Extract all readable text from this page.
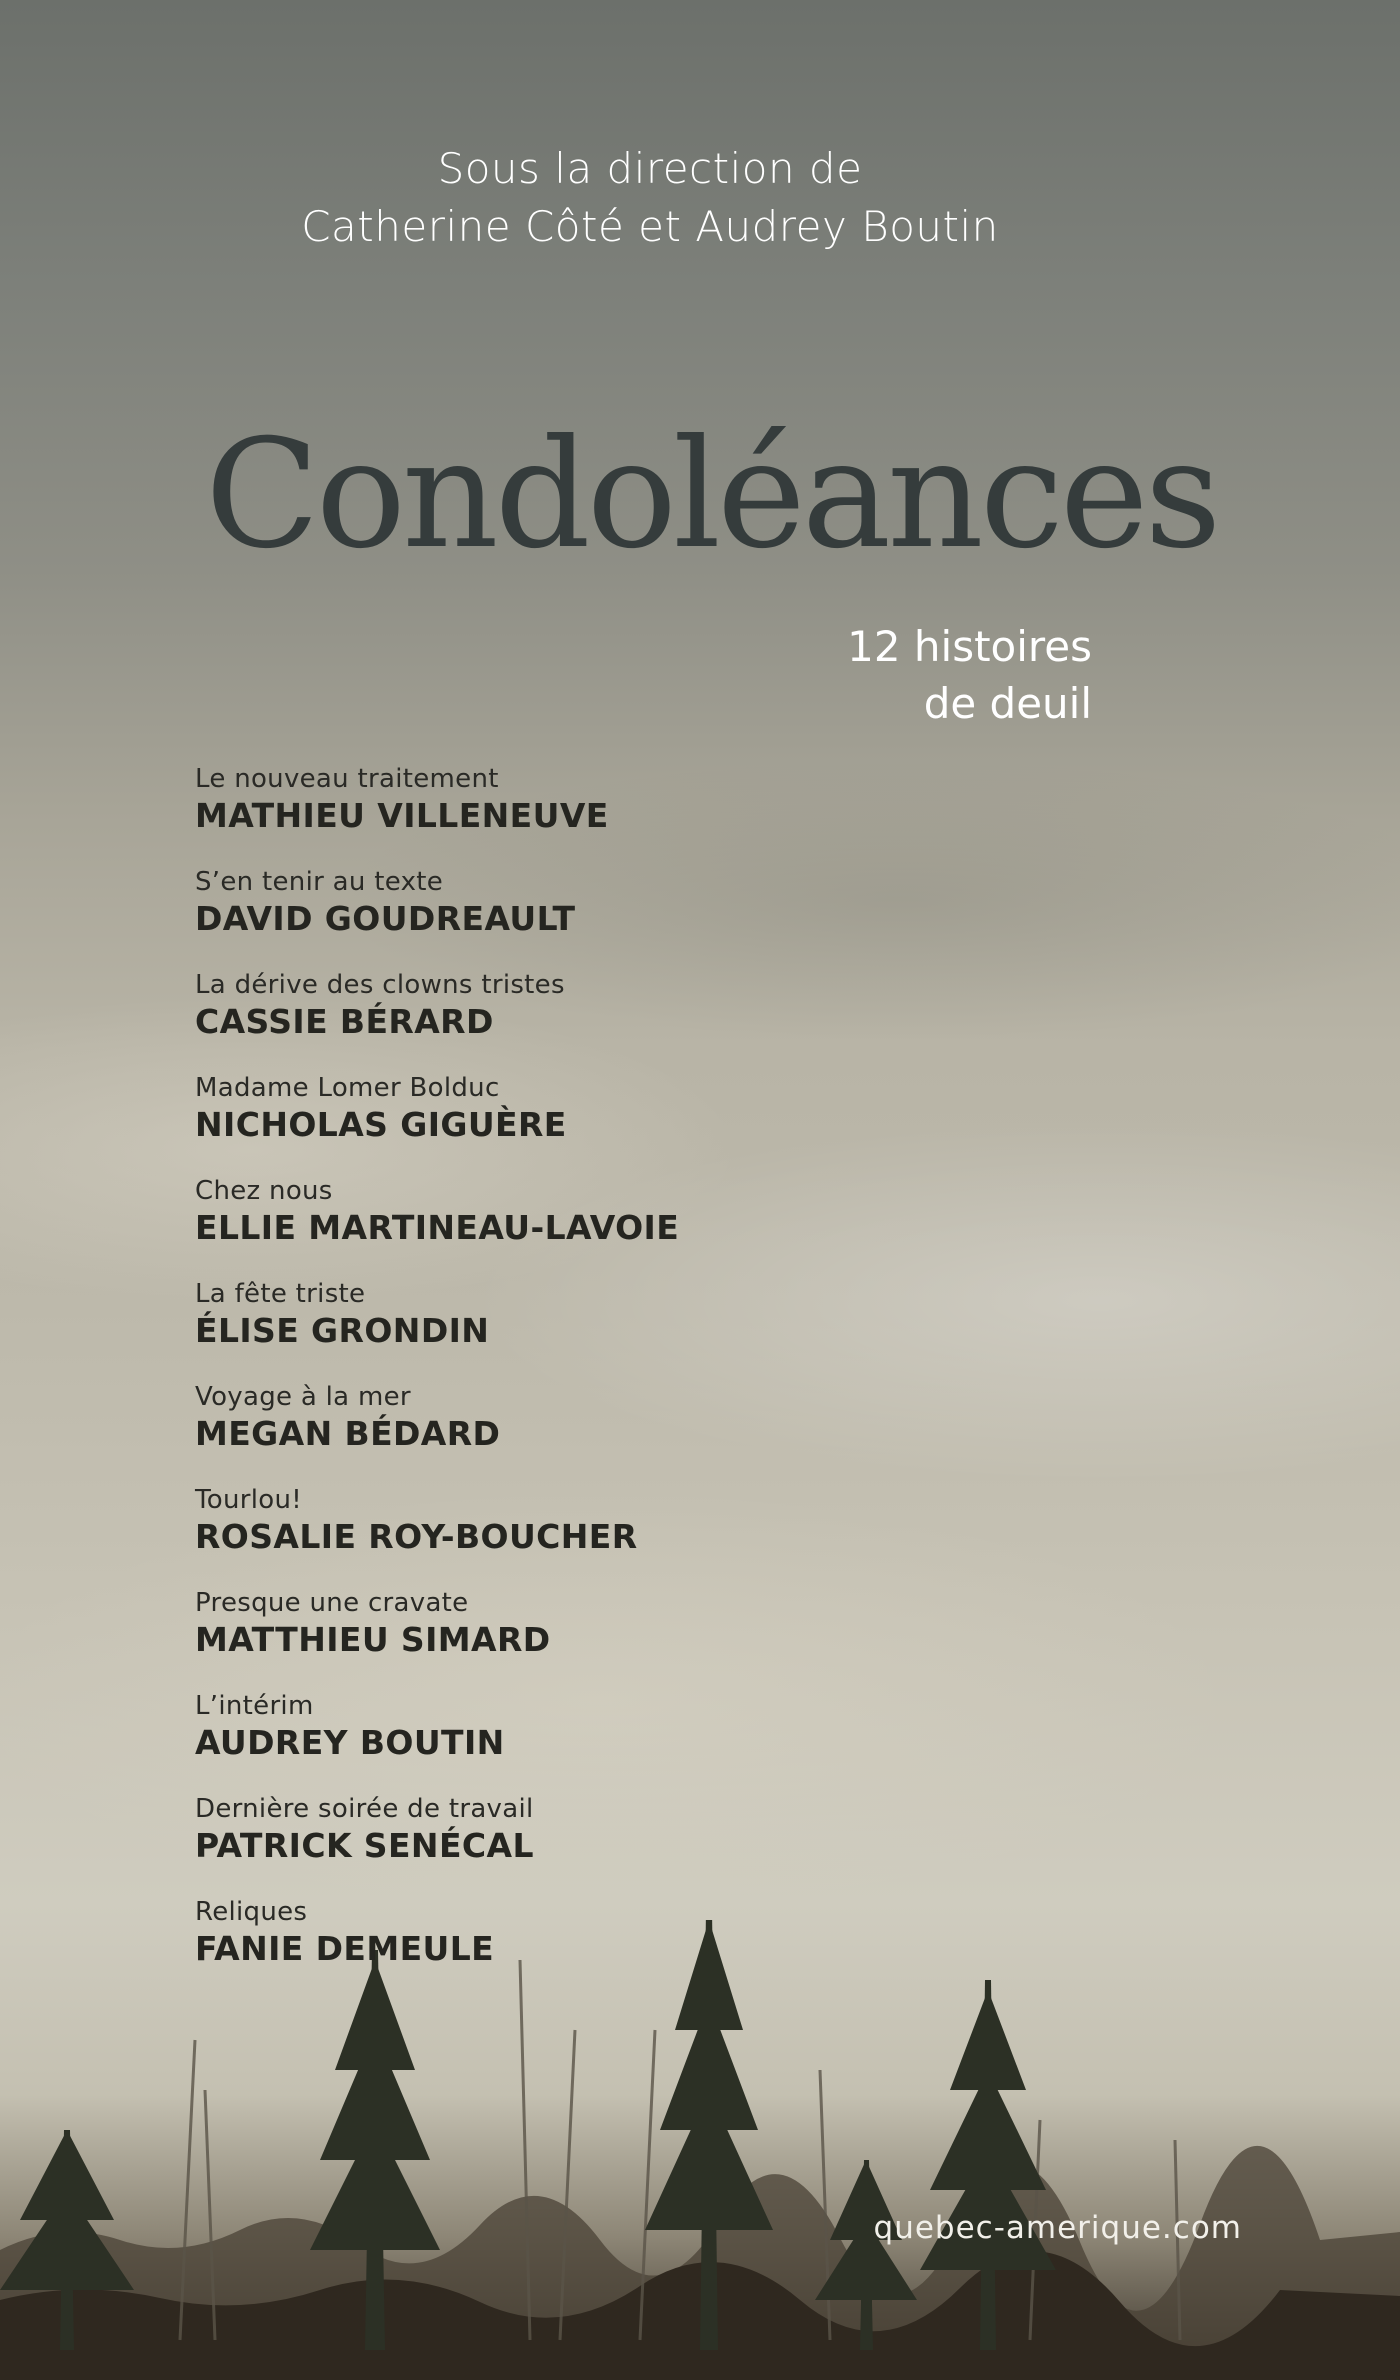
Sous la direction de
Catherine Côté et Audrey Boutin
Condoléances
12 histoires
de deuil
Le nouveau traitement
MATHIEU VILLENEUVE
S’en tenir au texte
DAVID GOUDREAULT
La dérive des clowns tristes
CASSIE BÉRARD
Madame Lomer Bolduc
NICHOLAS GIGUÈRE
Chez nous
ELLIE MARTINEAU-LAVOIE
La fête triste
ÉLISE GRONDIN
Voyage à la mer
MEGAN BÉDARD
Tourlou!
ROSALIE ROY-BOUCHER
Presque une cravate
MATTHIEU SIMARD
L’intérim
AUDREY BOUTIN
Dernière soirée de travail
PATRICK SENÉCAL
Reliques
FANIE DEMEULE
quebec-amerique.com
